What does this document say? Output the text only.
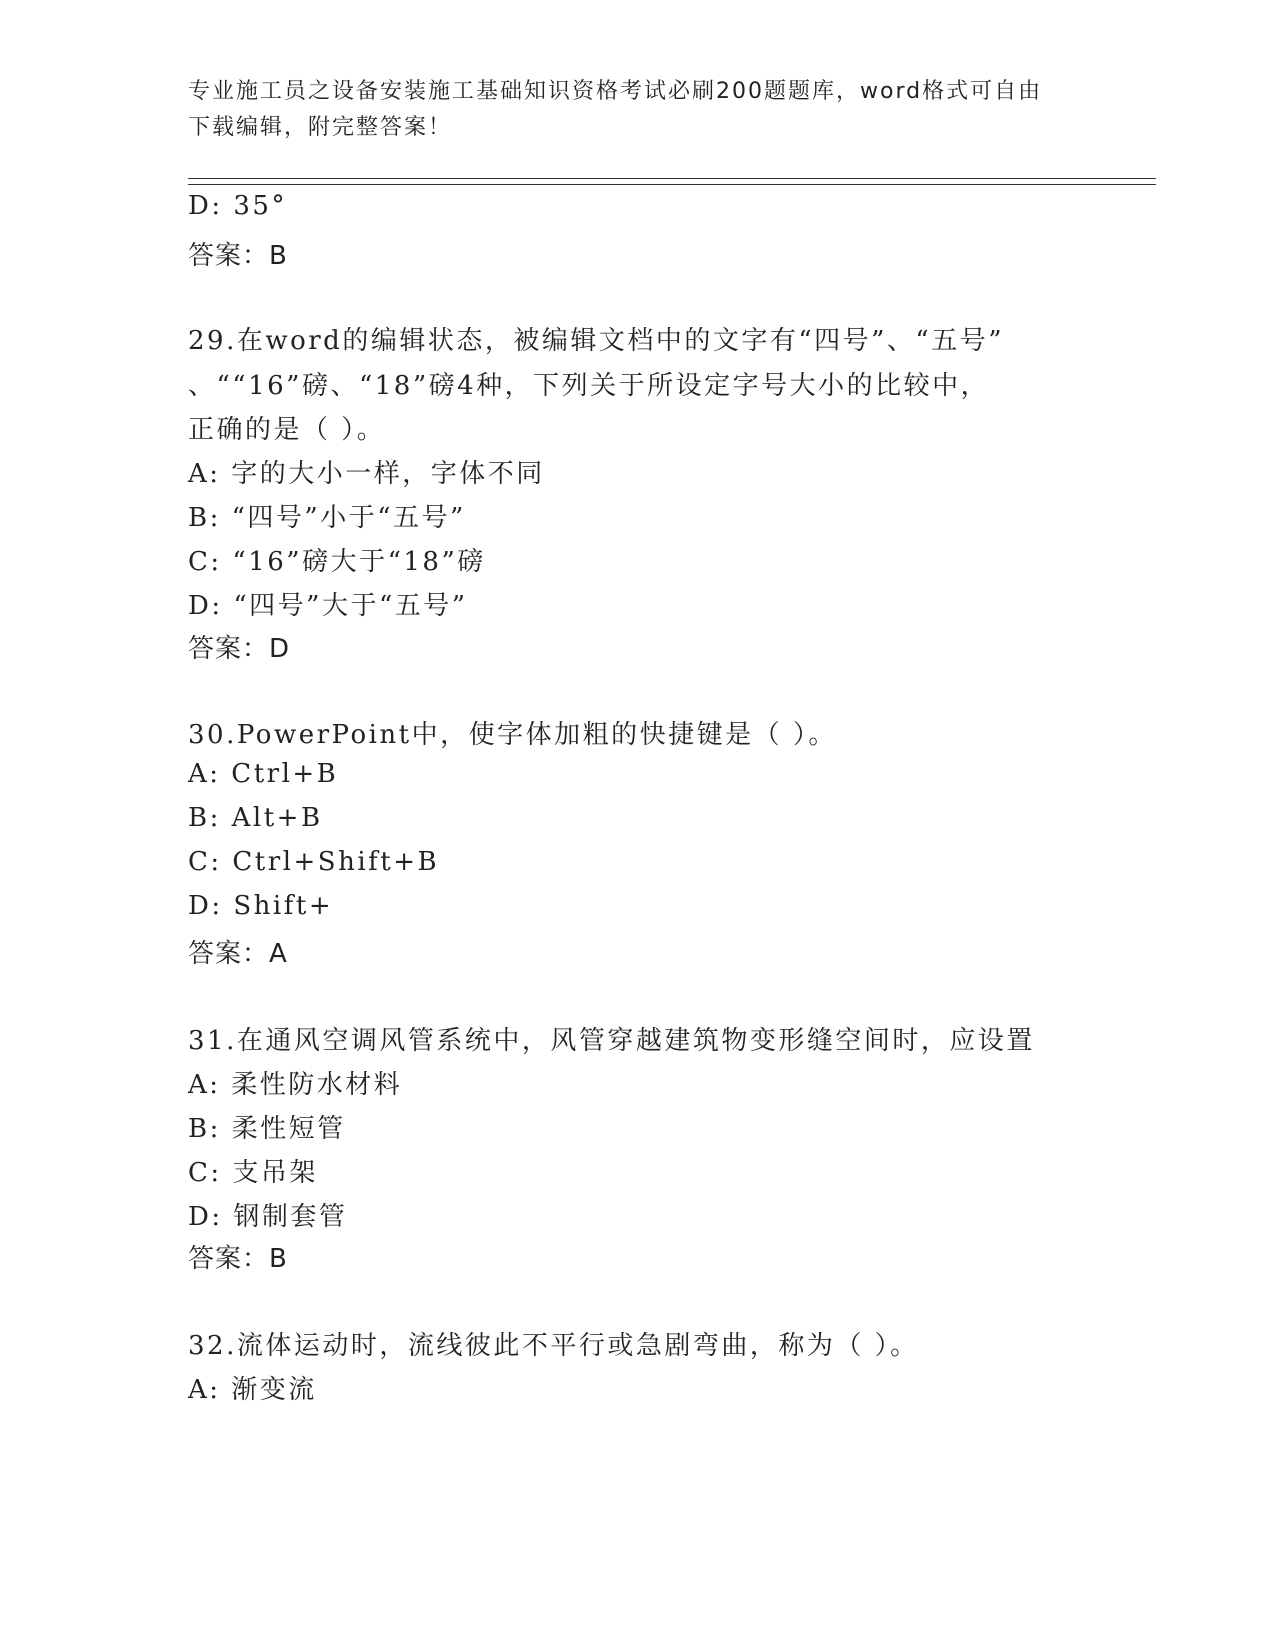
专业施工员之设备安装施工基础知识资格考试必刷200题题库，word格式可自由
下载编辑，附完整答案！
D: 35°
答案：B
29.在word的编辑状态，被编辑文档中的文字有“四号”、“五号”
、““16”磅、“18”磅4种，下列关于所设定字号大小的比较中，
正确的是（ ）。
A: 字的大小一样，字体不同
B: “四号”小于“五号”
C: “16”磅大于“18”磅
D: “四号”大于“五号”
答案：D
30.PowerPoint中，使字体加粗的快捷键是（ ）。
A: Ctrl+B
B: Alt+B
C: Ctrl+Shift+B
D: Shift+
答案：A
31.在通风空调风管系统中，风管穿越建筑物变形缝空间时，应设置
A: 柔性防水材料
B: 柔性短管
C: 支吊架
D: 钢制套管
答案：B
32.流体运动时，流线彼此不平行或急剧弯曲，称为（ ）。
A: 渐变流
